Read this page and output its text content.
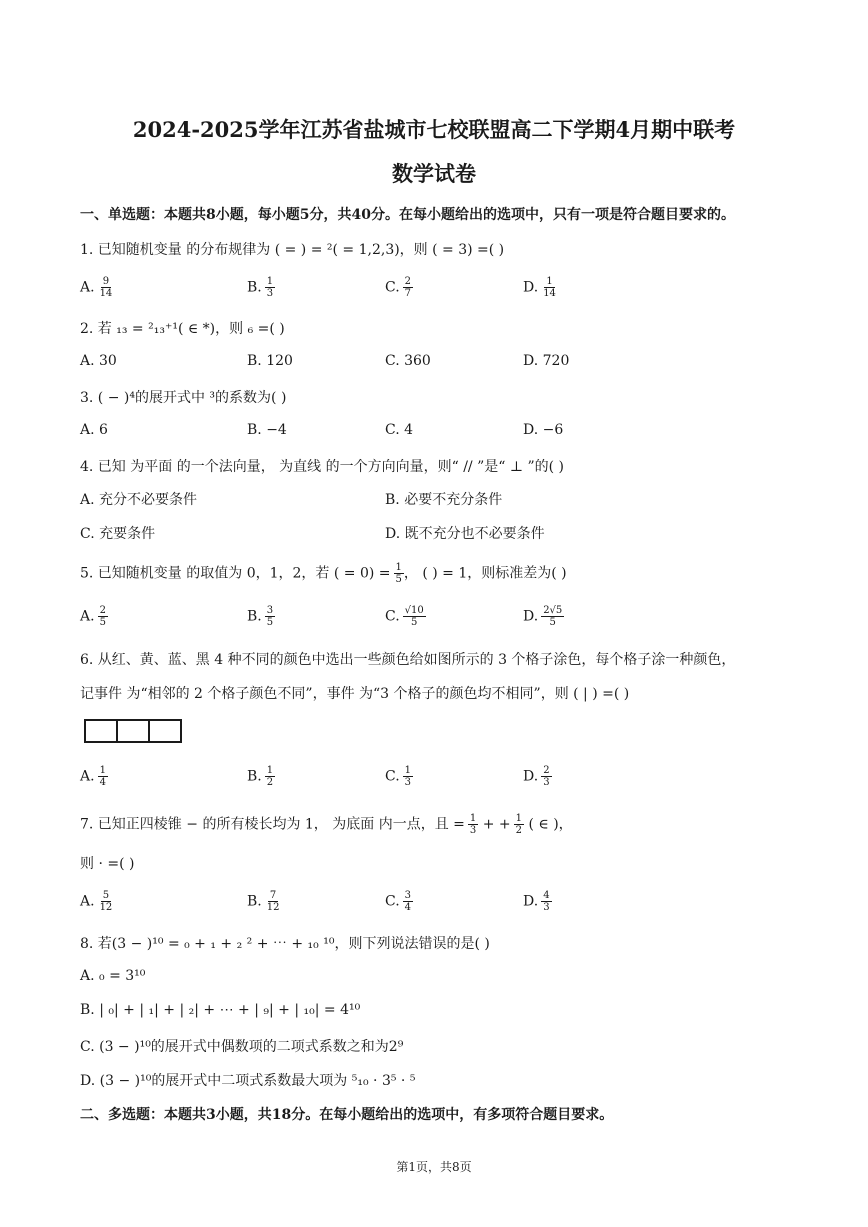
2024-2025学年江苏省盐城市七校联盟高二下学期4月期中联考
数学试卷
一、单选题：本题共8小题，每小题5分，共40分。在每小题给出的选项中，只有一项是符合题目要求的。
1. 已知随机变量 的分布规律为 ( = ) = ²( = 1,2,3)，则 ( = 3) =( )
A. $\frac{9}{14}$	B. $\frac{1}{3}$	C. $\frac{2}{7}$	D. $\frac{1}{14}$
2. 若 ₁₃ = ²₁₃⁺¹( ∈ *)，则 ₆ =( )
A. 30	B. 120	C. 360	D. 720
3. ( − )⁴的展开式中 ³的系数为( )
A. 6	B. −4	C. 4	D. −6
4. 已知 为平面 的一个法向量， 为直线 的一个方向向量，则“ // ”是“ ⊥ ”的( )
A. 充分不必要条件	B. 必要不充分条件
C. 充要条件	D. 既不充分也不必要条件
5. 已知随机变量 的取值为 0，1，2，若 ( = $0) = \frac{1}{5}$ ， ( ) = 1，则标准差为( )
A. $\frac{2}{5}$	B. $\frac{3}{5}$	C. $\frac{√10}{5}$	D. $\frac{2√5}{5}$
6. 从红、黄、蓝、黑 4 种不同的颜色中选出一些颜色给如图所示的 3 个格子涂色，每个格子涂一种颜色，
记事件 为“相邻的 2 个格子颜色不同”，事件 为“3 个格子的颜色均不相同”，则 ( | ) =( )
A. $\frac{1}{4}$	B. $\frac{1}{2}$	C. $\frac{1}{3}$	D. $\frac{2}{3}$
7. 已知正四棱锥 − 的所有棱长均为 1， 为底面 内一点，且 = $\frac{1}{3}$ + + $\frac{1}{2}$ ( ∈ )，
则 · =( )
A. $\frac{5}{12}$	B. $\frac{7}{12}$	C. $\frac{3}{4}$	D. $\frac{4}{3}$
8. 若(3 − )¹⁰ = ₀ + ₁ + ₂ ² + ⋯ + ₁₀ ¹⁰，则下列说法错误的是( )
A. ₀ = 3¹⁰
B. | ₀| + | ₁| + | ₂| + ⋯ + | ₉| + | ₁₀| = 4¹⁰
C. (3 − )¹⁰的展开式中偶数项的二项式系数之和为2⁹
D. (3 − )¹⁰的展开式中二项式系数最大项为 ⁵₁₀ · 3⁵ · ⁵
二、多选题：本题共3小题，共18分。在每小题给出的选项中，有多项符合题目要求。
第1页，共8页
